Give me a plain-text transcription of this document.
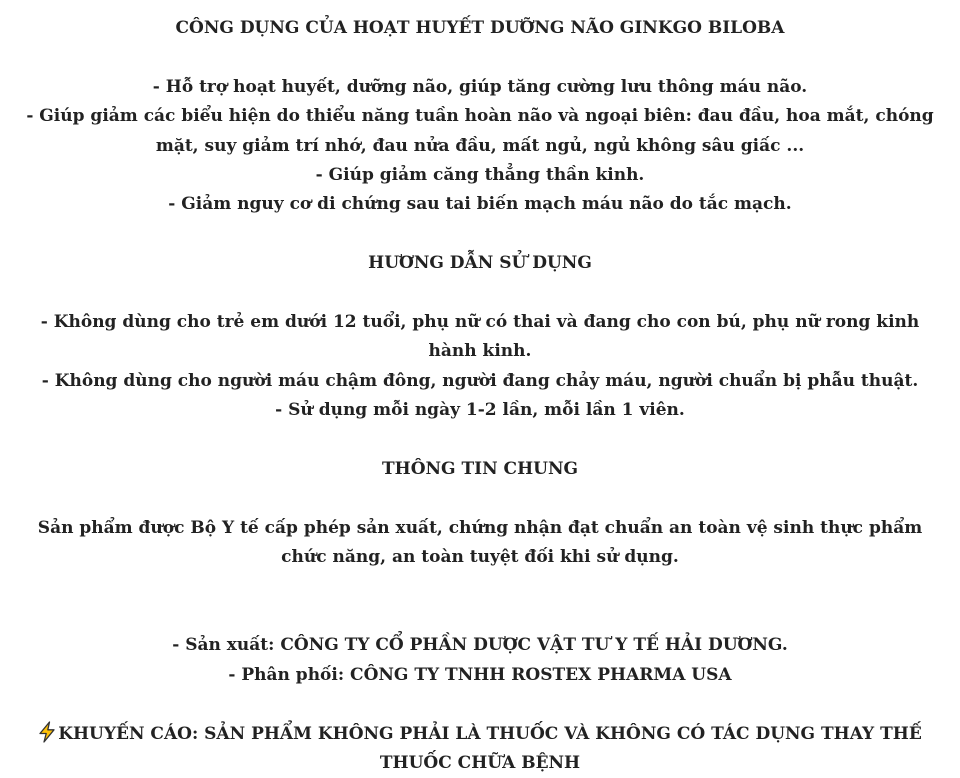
CÔNG DỤNG CỦA HOẠT HUYẾT DƯỠNG NÃO GINKGO BILOBA

- Hỗ trợ hoạt huyết, dưỡng não, giúp tăng cường lưu thông máu não.

- Giúp giảm các biểu hiện do thiểu năng tuần hoàn não và ngoại biên: đau đầu, hoa mắt, chóng mặt, suy giảm trí nhớ, đau nửa đầu, mất ngủ, ngủ không sâu giấc ...

- Giúp giảm căng thẳng thần kinh.

- Giảm nguy cơ di chứng sau tai biến mạch máu não do tắc mạch.

HƯƠNG DẪN SỬ DỤNG

- Không dùng cho trẻ em dưới 12 tuổi, phụ nữ có thai và đang cho con bú, phụ nữ rong kinh hành kinh.

- Không dùng cho người máu chậm đông, người đang chảy máu, người chuẩn bị phẫu thuật.

- Sử dụng mỗi ngày 1-2 lần, mỗi lần 1 viên.

THÔNG TIN CHUNG

Sản phẩm được Bộ Y tế cấp phép sản xuất, chứng nhận đạt chuẩn an toàn vệ sinh thực phẩm chức năng, an toàn tuyệt đối khi sử dụng.

- Sản xuất: CÔNG TY CỔ PHẦN DƯỢC VẬT TƯ Y TẾ HẢI DƯƠNG.

- Phân phối: CÔNG TY TNHH ROSTEX PHARMA USA

KHUYẾN CÁO: SẢN PHẨM KHÔNG PHẢI LÀ THUỐC VÀ KHÔNG CÓ TÁC DỤNG THAY THẾ THUỐC CHỮA BỆNH
